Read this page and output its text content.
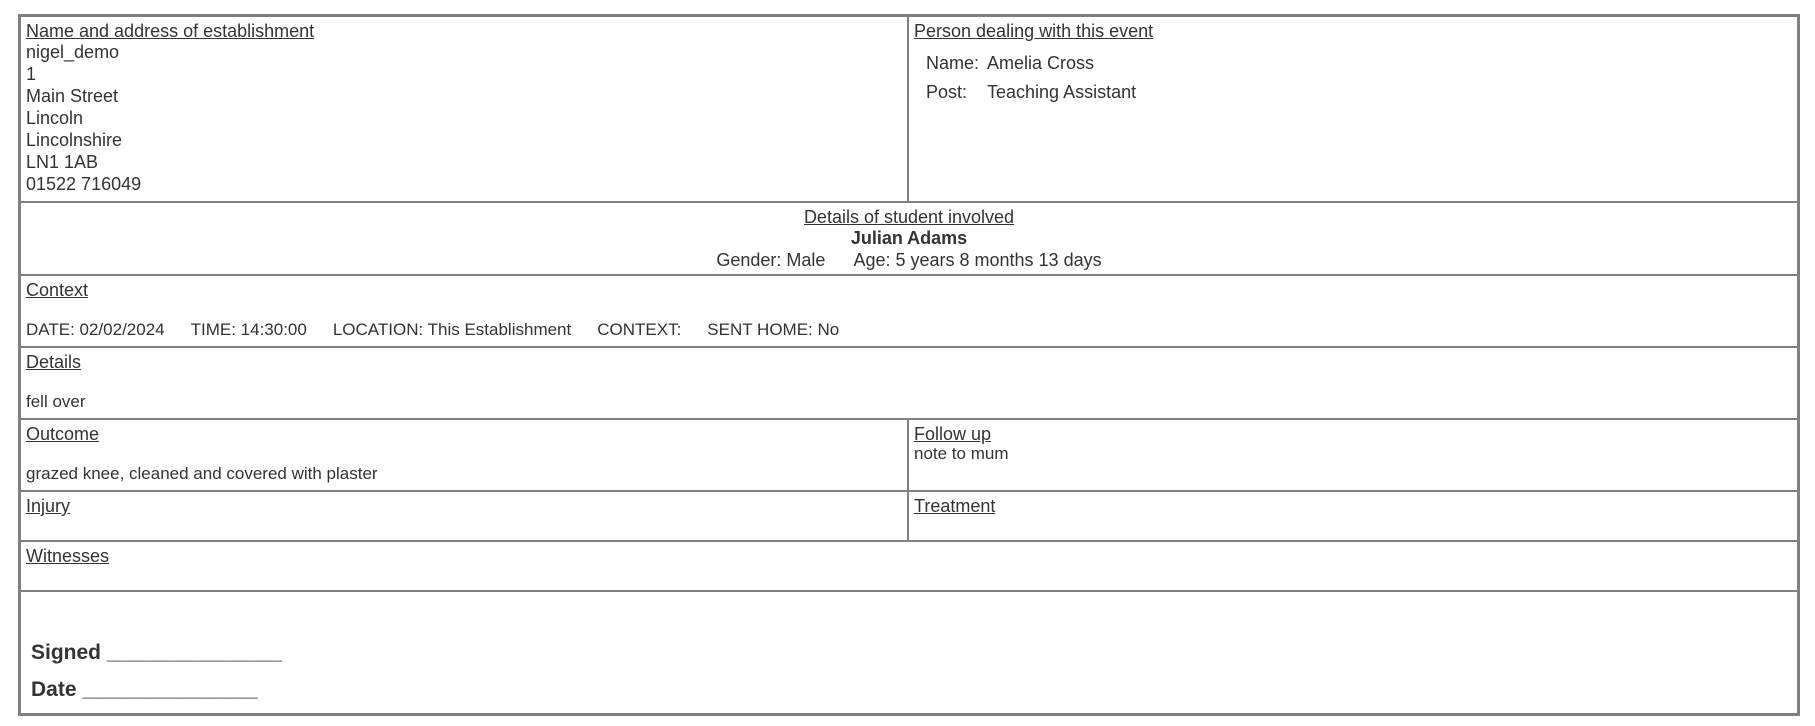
Name and address of establishment
nigel_demo
1
Main Street
Lincoln
Lincolnshire
LN1 1AB
01522 716049
Person dealing with this event
Name:	Amelia Cross
Post:	Teaching Assistant
Details of student involved
Julian Adams
Gender: Male Age: 5 years 8 months 13 days
Context
DATE: 02/02/2024 TIME: 14:30:00 LOCATION: This Establishment CONTEXT: SENT HOME: No
Details
fell over
Outcome
grazed knee, cleaned and covered with plaster
Follow up
note to mum
Injury	Treatment
Witnesses
Signed _______________
Date _______________
